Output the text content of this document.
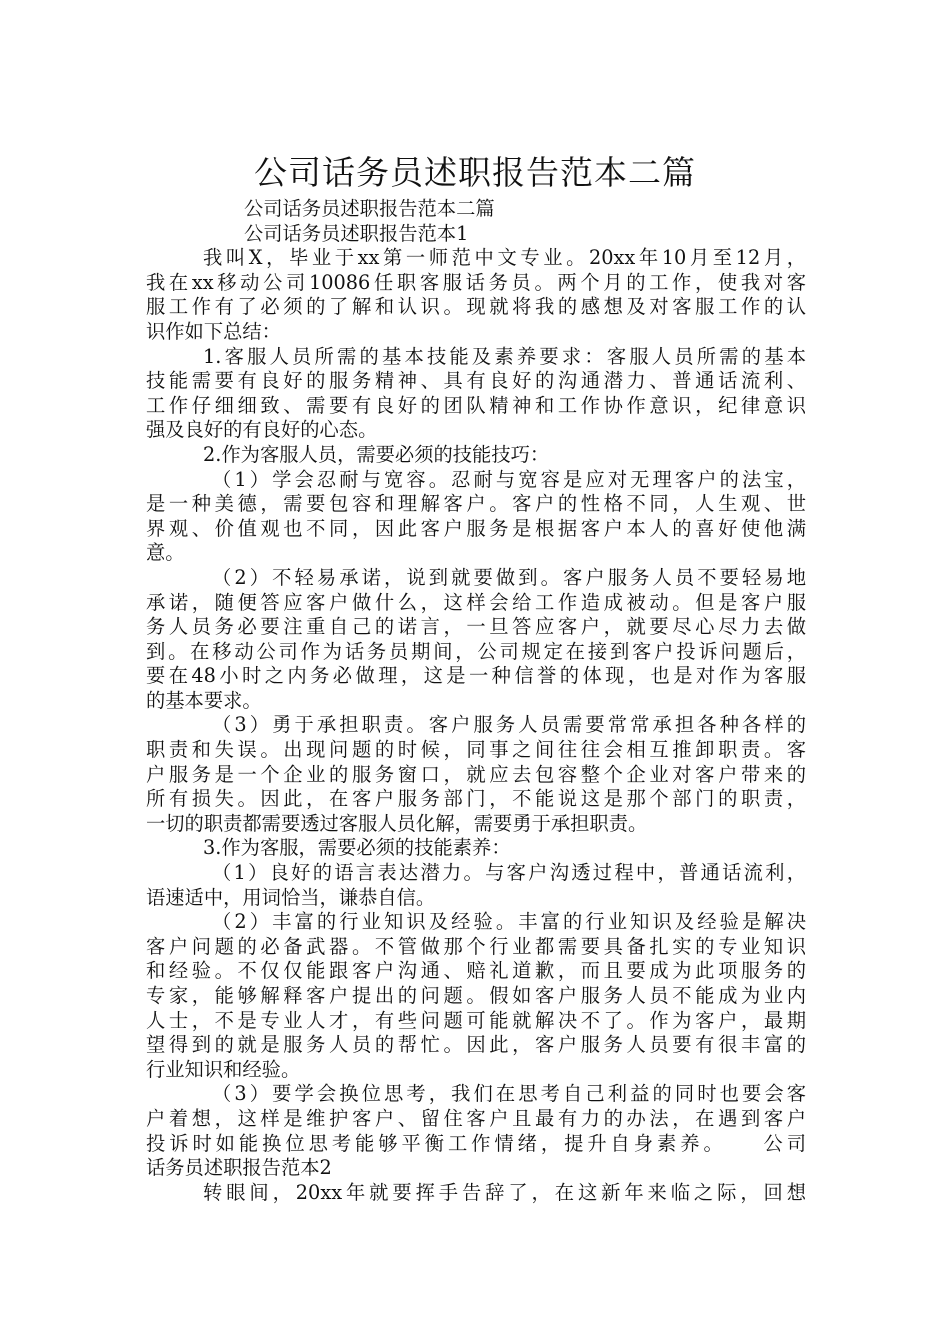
公司话务员述职报告范本二篇
公司话务员述职报告范本二篇
公司话务员述职报告范本1
我叫X，毕业于xx第一师范中文专业。20xx年10月至12月，
我在xx移动公司10086任职客服话务员。两个月的工作，使我对客
服工作有了必须的了解和认识。现就将我的感想及对客服工作的认
识作如下总结：
1.客服人员所需的基本技能及素养要求：客服人员所需的基本
技能需要有良好的服务精神、具有良好的沟通潜力、普通话流利、
工作仔细细致、需要有良好的团队精神和工作协作意识，纪律意识
强及良好的有良好的心态。
2.作为客服人员，需要必须的技能技巧：
（1）学会忍耐与宽容。忍耐与宽容是应对无理客户的法宝，
是一种美德，需要包容和理解客户。客户的性格不同，人生观、世
界观、价值观也不同，因此客户服务是根据客户本人的喜好使他满
意。
（2）不轻易承诺，说到就要做到。客户服务人员不要轻易地
承诺，随便答应客户做什么，这样会给工作造成被动。但是客户服
务人员务必要注重自己的诺言，一旦答应客户，就要尽心尽力去做
到。在移动公司作为话务员期间，公司规定在接到客户投诉问题后，
要在48小时之内务必做理，这是一种信誉的体现，也是对作为客服
的基本要求。
（3）勇于承担职责。客户服务人员需要常常承担各种各样的
职责和失误。出现问题的时候，同事之间往往会相互推卸职责。客
户服务是一个企业的服务窗口，就应去包容整个企业对客户带来的
所有损失。因此，在客户服务部门，不能说这是那个部门的职责，
一切的职责都需要透过客服人员化解，需要勇于承担职责。
3.作为客服，需要必须的技能素养：
（1）良好的语言表达潜力。与客户沟透过程中，普通话流利，
语速适中，用词恰当，谦恭自信。
（2）丰富的行业知识及经验。丰富的行业知识及经验是解决
客户问题的必备武器。不管做那个行业都需要具备扎实的专业知识
和经验。不仅仅能跟客户沟通、赔礼道歉，而且要成为此项服务的
专家，能够解释客户提出的问题。假如客户服务人员不能成为业内
人士，不是专业人才，有些问题可能就解决不了。作为客户，最期
望得到的就是服务人员的帮忙。因此，客户服务人员要有很丰富的
行业知识和经验。
（3）要学会换位思考，我们在思考自己利益的同时也要会客
户着想，这样是维护客户、留住客户且最有力的办法，在遇到客户
投诉时如能换位思考能够平衡工作情绪，提升自身素养。　　公司
话务员述职报告范本2
转眼间，20xx年就要挥手告辞了，在这新年来临之际，回想
